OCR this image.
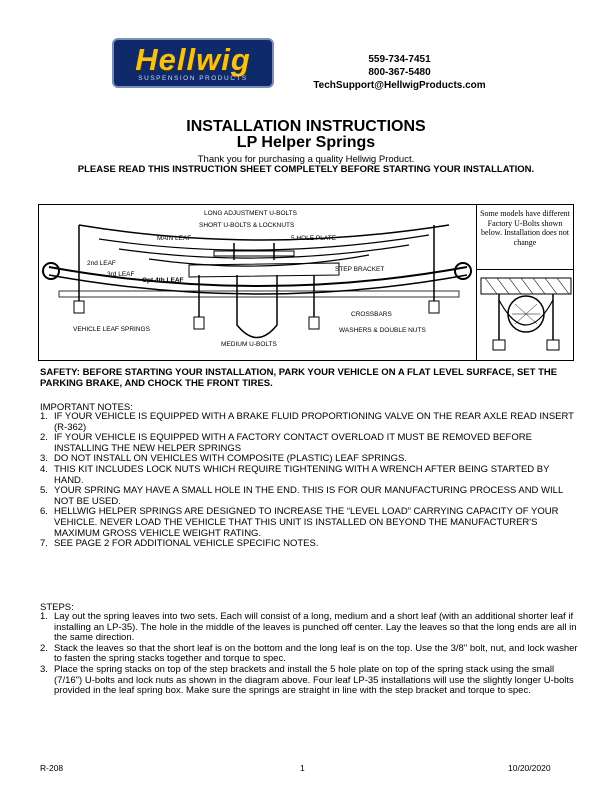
Hellwig
SUSPENSION PRODUCTS
559-734-7451
800-367-5480
TechSupport@HellwigProducts.com
INSTALLATION INSTRUCTIONS
LP Helper Springs
Thank you for purchasing a quality Hellwig Product.
PLEASE READ THIS INSTRUCTION SHEET COMPLETELY BEFORE STARTING YOUR INSTALLATION.
LONG ADJUSTMENT U-BOLTS
SHORT U-BOLTS & LOCKNUTS
MAIN LEAF	5 HOLE PLATE
2nd LEAF
3rd LEAF
Opt 4th LEAF
STEP BRACKET
CROSSBARS
VEHICLE LEAF SPRINGS	WASHERS & DOUBLE NUTS
MEDIUM U-BOLTS
Some models have different Factory U-Bolts shown below. Installation does not change
SAFETY: BEFORE STARTING YOUR INSTALLATION, PARK YOUR VEHICLE ON A FLAT LEVEL SURFACE, SET THE PARKING BRAKE, AND CHOCK THE FRONT TIRES.
IMPORTANT NOTES:
1. IF YOUR VEHICLE IS EQUIPPED WITH A BRAKE FLUID PROPORTIONING VALVE ON THE REAR AXLE READ INSERT (R-362)
2. IF YOUR VEHICLE IS EQUIPPED WITH A FACTORY CONTACT OVERLOAD IT MUST BE REMOVED BEFORE INSTALLING THE NEW HELPER SPRINGS
3. DO NOT INSTALL ON VEHICLES WITH COMPOSITE (PLASTIC) LEAF SPRINGS.
4. THIS KIT INCLUDES LOCK NUTS WHICH REQUIRE TIGHTENING WITH A WRENCH AFTER BEING STARTED BY HAND.
5. YOUR SPRING MAY HAVE A SMALL HOLE IN THE END. THIS IS FOR OUR MANUFACTURING PROCESS AND WILL NOT BE USED.
6. HELLWIG HELPER SPRINGS ARE DESIGNED TO INCREASE THE “LEVEL LOAD” CARRYING CAPACITY OF YOUR VEHICLE. NEVER LOAD THE VEHICLE THAT THIS UNIT IS INSTALLED ON BEYOND THE MANUFACTURER'S MAXIMUM GROSS VEHICLE WEIGHT RATING.
7. SEE PAGE 2 FOR ADDITIONAL VEHICLE SPECIFIC NOTES.
STEPS:
1. Lay out the spring leaves into two sets. Each will consist of a long, medium and a short leaf (with an additional shorter leaf if installing an LP-35). The hole in the middle of the leaves is punched off center. Lay the leaves so that the long ends are all in the same direction.
2. Stack the leaves so that the short leaf is on the bottom and the long leaf is on the top. Use the 3/8" bolt, nut, and lock washer to fasten the spring stacks together and torque to spec.
3. Place the spring stacks on top of the step brackets and install the 5 hole plate on top of the spring stack using the small (7/16") U-bolts and lock nuts as shown in the diagram above. Four leaf LP-35 installations will use the slightly longer U-bolts provided in the leaf spring box. Make sure the springs are straight in line with the step bracket and torque to spec.
R-208	1	10/20/2020
